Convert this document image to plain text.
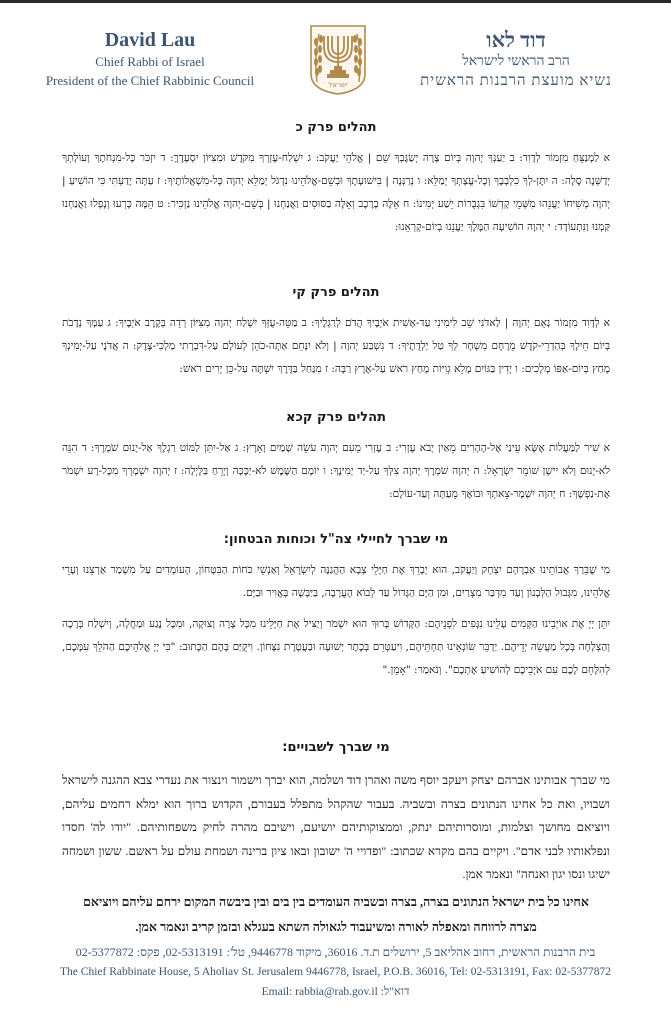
David Lau
Chief Rabbi of Israel
President of the Chief Rabbinic Council	ישראל
דוד לאו
הרב הראשי לישראל
נשיא מועצת הרבנות הראשית
תהלים פרק כ

א לַמְנַצֵּחַ מִזְמוֹר לְדָוִד: ב יַעַנְךָ יְהוָה בְּיוֹם צָרָה יְשַׂגֶּבְךָ שֵׁם | אֱלֹהֵי יַעֲקֹב: ג יִשְׁלַח-עֶזְרְךָ מִקֹּדֶשׁ וּמִצִּיּוֹן יִסְעָדֶךָּ: ד יִזְכֹּר כָּל-מִנְחֹתֶךָ וְעוֹלָתְךָ יְדַשְּׁנֶה סֶלָה: ה יִתֶּן-לְךָ כִלְבָבֶךָ וְכָל-עֲצָתְךָ יְמַלֵּא: ו נְרַנְּנָה | בִּישׁוּעָתֶךָ וּבְשֵׁם-אֱלֹהֵינוּ נִדְגֹּל יְמַלֵּא יְהוָה כָּל-מִשְׁאֲלוֹתֶיךָ: ז עַתָּה יָדַעְתִּי כִּי הוֹשִׁיעַ | יְהוָה מְשִׁיחוֹ יַעֲנֵהוּ מִשְּׁמֵי קָדְשׁוֹ בִּגְבֻרוֹת יֵשַׁע יְמִינוֹ: ח אֵלֶּה בָרֶכֶב וְאֵלֶּה בַסּוּסִים וַאֲנַחְנוּ | בְּשֵׁם-יְהוָה אֱלֹהֵינוּ נַזְכִּיר: ט הֵמָּה כָּרְעוּ וְנָפָלוּ וַאֲנַחְנוּ קַּמְנוּ וַנִּתְעוֹדָד: י יְהוָה הוֹשִׁיעָה הַמֶּלֶךְ יַעֲנֵנוּ בְיוֹם-קָרְאֵנוּ:

תהלים פרק קי

א לְדָוִד מִזְמוֹר נְאֻם יְהוָה | לַאדֹנִי שֵׁב לִימִינִי עַד-אָשִׁית אֹיְבֶיךָ הֲדֹם לְרַגְלֶיךָ: ב מַטֵּה-עֻזְּךָ יִשְׁלַח יְהוָה מִצִּיּוֹן רְדֵה בְּקֶרֶב אֹיְבֶיךָ: ג עַמְּךָ נְדָבֹת בְּיוֹם חֵילֶךָ בְּהַדְרֵי-קֹדֶשׁ מֵרֶחֶם מִשְׁחָר לְךָ טַל יַלְדֻתֶיךָ: ד נִשְׁבַּע יְהוָה | וְלֹא יִנָּחֵם אַתָּה-כֹהֵן לְעוֹלָם עַל-דִּבְרָתִי מַלְכִּי-צֶדֶק: ה אֲדֹנָי עַל-יְמִינְךָ מָחַץ בְּיוֹם-אַפּוֹ מְלָכִים: ו יָדִין בַּגּוֹיִם מָלֵא גְוִיּוֹת מָחַץ רֹאשׁ עַל-אֶרֶץ רַבָּה: ז מִנַּחַל בַּדֶּרֶךְ יִשְׁתֶּה עַל-כֵּן יָרִים רֹאשׁ:

תהלים פרק קכא

א שִׁיר לַמַּעֲלוֹת אֶשָּׂא עֵינַי אֶל-הֶהָרִים מֵאַיִן יָבֹא עֶזְרִי: ב עֶזְרִי מֵעִם יְהוָה עֹשֵׂה שָׁמַיִם וָאָרֶץ: ג אַל-יִתֵּן לַמּוֹט רַגְלֶךָ אַל-יָנוּם שֹׁמְרֶךָ: ד הִנֵּה לֹא-יָנוּם וְלֹא יִישָׁן שׁוֹמֵר יִשְׂרָאֵל: ה יְהוָה שֹׁמְרֶךָ יְהוָה צִלְּךָ עַל-יַד יְמִינֶךָ: ו יוֹמָם הַשֶּׁמֶשׁ לֹא-יַכֶּכָּה וְיָרֵחַ בַּלָּיְלָה: ז יְהוָה יִשְׁמָרְךָ מִכָּל-רָע יִשְׁמֹר אֶת-נַפְשֶׁךָ: ח יְהוָה יִשְׁמָר-צֵאתְךָ וּבוֹאֶךָ מֵעַתָּה וְעַד-עוֹלָם:

מי שברך לחיילי צה"ל וכוחות הבטחון:

מִי שֶׁבֵּרַךְ אֲבוֹתֵינוּ אַבְרָהָם יִצְחָק וְיַעֲקֹב, הוּא יְבָרֵךְ אֶת חַיָּלֵי צְבָא הַהֲגַנָּה לְיִשְׂרָאֵל וְאַנְשֵׁי כֹּחוֹת הַבִּטָּחוֹן, הָעוֹמְדִים עַל מִשְׁמַר אַרְצֵנוּ וְעָרֵי אֱלֹהֵינוּ, מִגְּבוּל הַלְּבָנוֹן וְעַד מִדְבַּר מִצְרַיִם, וּמִן הַיָּם הַגָּדוֹל עַד לְבוֹא הָעֲרָבָה, בַּיַּבָּשָׁה בָּאֲוִיר וּבַיָּם.

יִתֵּן יְיָ אֶת אוֹיְבֵינוּ הַקָּמִים עָלֵינוּ נִגָּפִים לִפְנֵיהֶם: הַקָּדוֹשׁ בָּרוּךְ הוּא יִשְׁמֹר וְיַצִּיל אֶת חַיָּלֵינוּ מִכָּל צָרָה וְצוּקָה, וּמִכָּל נֶגַע וּמַחֲלָה, וְיִשְׁלַח בְּרָכָה וְהַצְלָחָה בְּכָל מַעֲשֵׂה יְדֵיהֶם. יַדְבֵּר שׂוֹנְאֵינוּ תַּחְתֵּיהֶם, וִיעַטְּרֵם בְּכֶתֶר יְשׁוּעָה וּבַעֲטֶרֶת נִצָּחוֹן. וִיקֻיַּם בָּהֶם הַכָּתוּב: "כִּי יְיָ אֱלֹהֵיכֶם הַהֹלֵךְ עִמָּכֶם, לְהִלָּחֵם לָכֶם עִם אֹיְבֵיכֶם לְהוֹשִׁיעַ אֶתְכֶם". וְנֹאמַר: "אָמֵן."

מי שברך לשבויים:

מי שברך אבותינו אברהם יצחק ויעקב יוסף משה ואהרן דוד ושלמה, הוא יברך וישמור וינצור את נעדרי צבא ההגנה לישראל ושבויו, ואת כל אחינו הנתונים בצרה ובשביה. בעבור שהקהל מתפלל בעבורם, הקדוש ברוך הוא ימלא רחמים עליהם, ויוציאם מחושך וצלמות, ומוסרותיהם ינתק, וממצוקותיהם יושיעם, וישיבם מהרה לחיק משפחותיהם. "יודו לה' חסדו ונפלאותיו לבני אדם". ויקיים בהם מקרא שכתוב: "ופדויי ה' ישובון ובאו ציון ברינה ושמחת עולם על ראשם. ששון ושמחה ישיגו ונסו יגון ואנחה" ונאמר אמן.

אחינו כל בית ישראל הנתונים בצרה, בצרה ובשביה העומדים בין בים ובין ביבשה המקום ירחם עליהם ויוציאם

מצרה לרווחה ומאפלה לאורה ומשיעבוד לגאולה השתא בעגלא ובזמן קריב ונאמר אמן.

בית הרבנות הראשית, רחוב אהליאב 5, ירושלים ת.ד. 36016, מיקוד 9446778, טל': 02-5313191, פקס: 02-5377872
The Chief Rabbinate House, 5 Aholiav St. Jerusalem 9446778, Israel, P.O.B. 36016, Tel: 02-5313191, Fax: 02-5377872
Email: rabbia@rab.gov.il :דוא"ל
